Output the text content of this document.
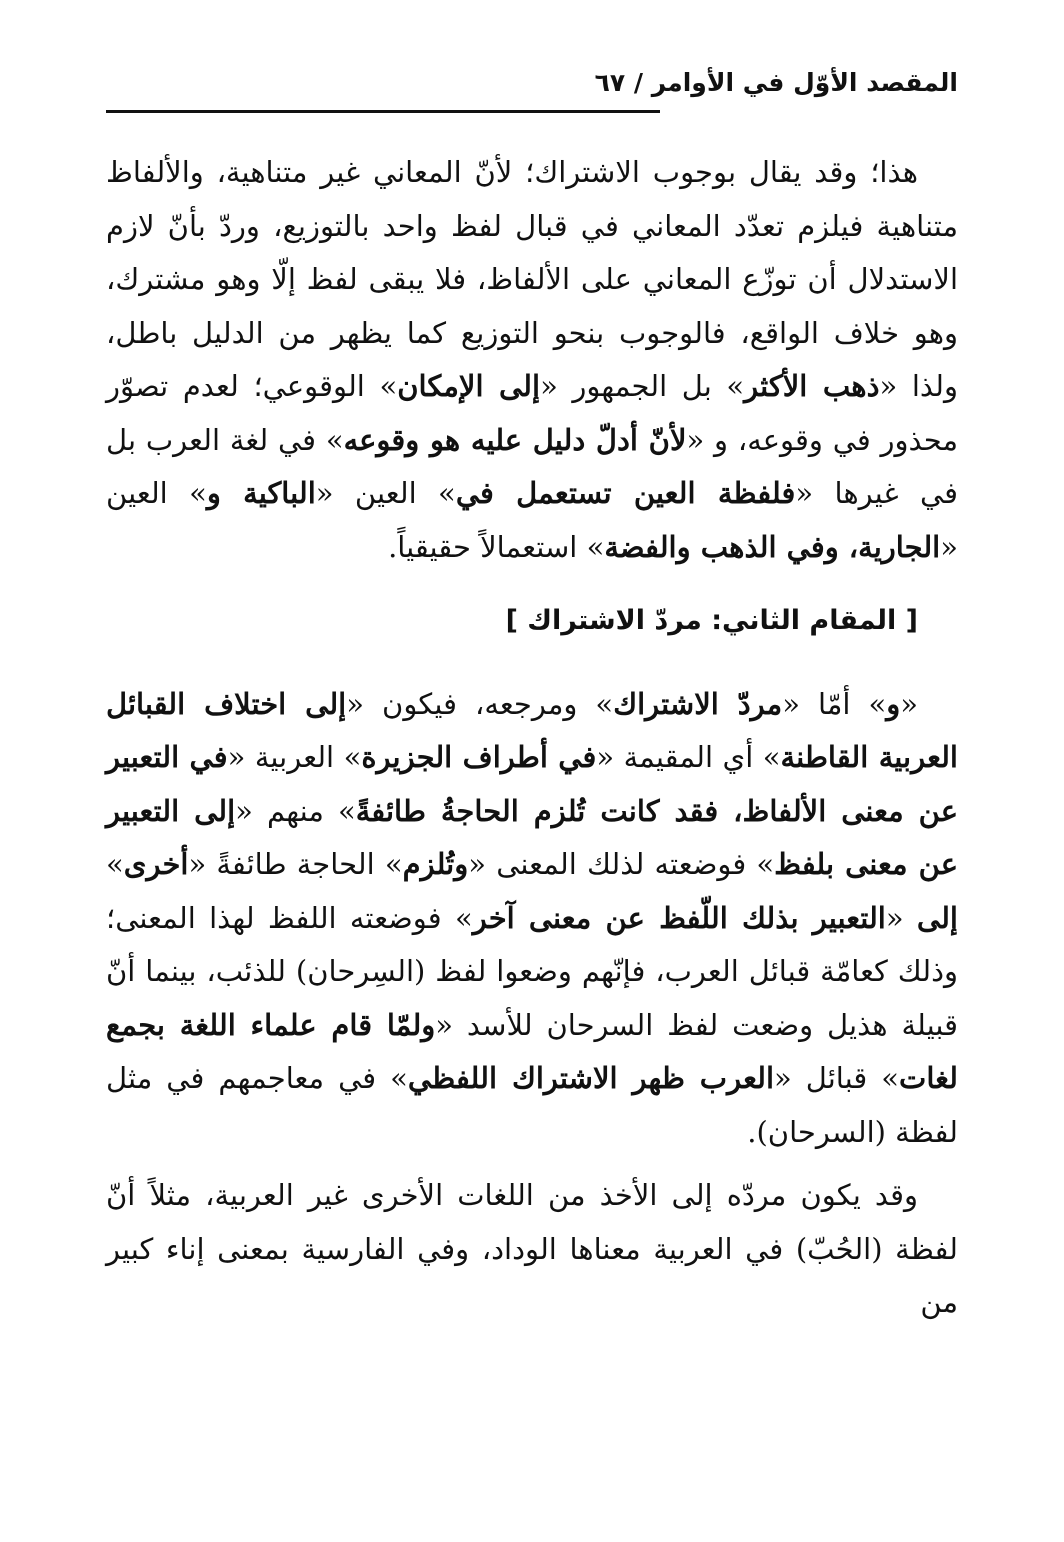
المقصد الأوّل في الأوامر / ٦٧

هذا؛ وقد يقال بوجوب الاشتراك؛ لأنّ المعاني غير متناهية، والألفاظ متناهية فيلزم تعدّد المعاني في قبال لفظ واحد بالتوزيع، وردّ بأنّ لازم الاستدلال أن توزّع المعاني على الألفاظ، فلا يبقى لفظ إلّا وهو مشترك، وهو خلاف الواقع، فالوجوب بنحو التوزيع كما يظهر من الدليل باطل، ولذا «ذهب الأكثر» بل الجمهور «إلى الإمكان» الوقوعي؛ لعدم تصوّر محذور في وقوعه، و «لأنّ أدلّ دليل عليه هو وقوعه» في لغة العرب بل في غيرها «فلفظة العين تستعمل في» العين «الباكية و» العين «الجارية، وفي الذهب والفضة» استعمالاً حقيقياً.

[ المقام الثاني: مردّ الاشتراك ]

«و» أمّا «مردّ الاشتراك» ومرجعه، فيكون «إلى اختلاف القبائل العربية القاطنة» أي المقيمة «في أطراف الجزيرة» العربية «في التعبير عن معنى الألفاظ، فقد كانت تُلزم الحاجةُ طائفةً» منهم «إلى التعبير عن معنى بلفظ» فوضعته لذلك المعنى «وتُلزم» الحاجة طائفةً «أخرى» إلى «التعبير بذلك اللّفظ عن معنى آخر» فوضعته اللفظ لهذا المعنى؛ وذلك كعامّة قبائل العرب، فإنّهم وضعوا لفظ (السِرحان) للذئب، بينما أنّ قبيلة هذيل وضعت لفظ السرحان للأسد «ولمّا قام علماء اللغة بجمع لغات» قبائل «العرب ظهر الاشتراك اللفظي» في معاجمهم في مثل لفظة (السرحان).

وقد يكون مردّه إلى الأخذ من اللغات الأخرى غير العربية، مثلاً أنّ لفظة (الحُبّ) في العربية معناها الوداد، وفي الفارسية بمعنى إناء كبير من
